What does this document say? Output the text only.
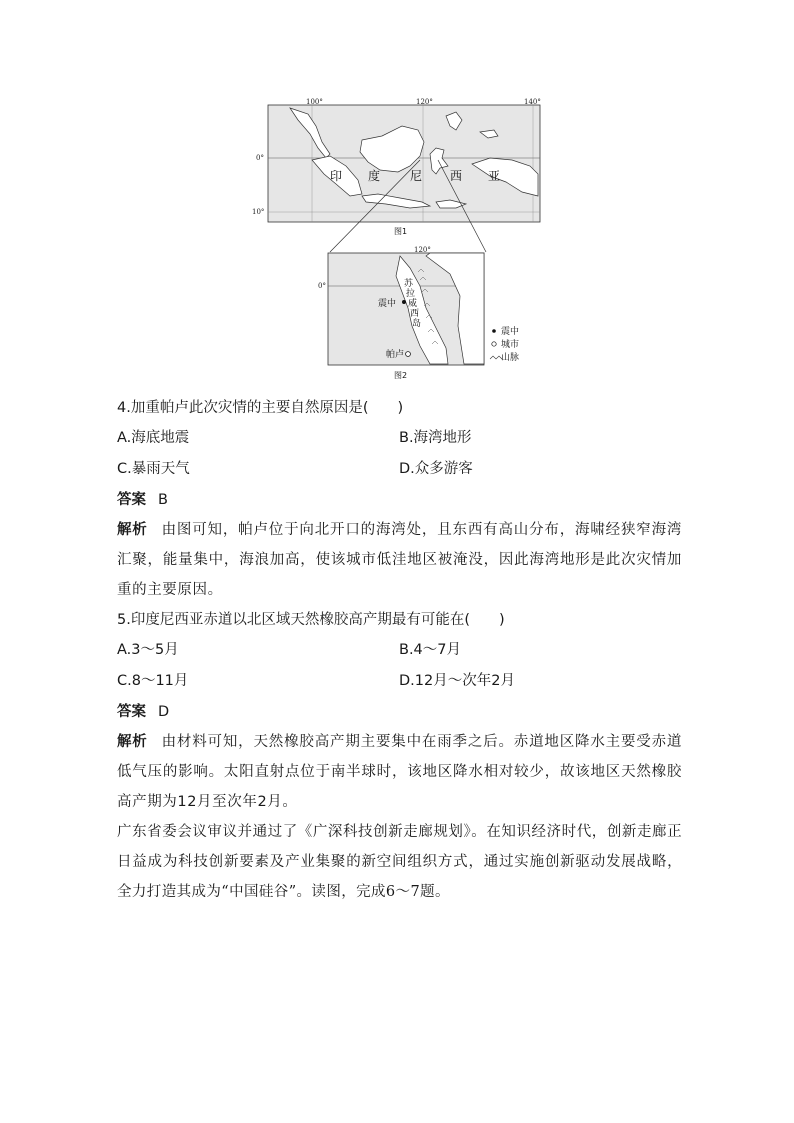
100°	120°	140°
0°
10°
印 度 尼 西 亚
图1
120°
0°	苏
拉
威
西
岛
震中
帕卢
震中
城市
山脉
图2
4.加重帕卢此次灾情的主要自然原因是(　　)
A.海底地震	B.海湾地形
C.暴雨天气	D.众多游客
答案 B
解析 由图可知，帕卢位于向北开口的海湾处，且东西有高山分布，海啸经狭窄海湾汇聚，能量集中，海浪加高，使该城市低洼地区被淹没，因此海湾地形是此次灾情加重的主要原因。
5.印度尼西亚赤道以北区域天然橡胶高产期最有可能在(　　)
A.3～5月	B.4～7月
C.8～11月	D.12月～次年2月
答案 D
解析 由材料可知，天然橡胶高产期主要集中在雨季之后。赤道地区降水主要受赤道低气压的影响。太阳直射点位于南半球时，该地区降水相对较少，故该地区天然橡胶高产期为12月至次年2月。
广东省委会议审议并通过了《广深科技创新走廊规划》。在知识经济时代，创新走廊正日益成为科技创新要素及产业集聚的新空间组织方式，通过实施创新驱动发展战略，全力打造其成为“中国硅谷”。读图，完成6～7题。
